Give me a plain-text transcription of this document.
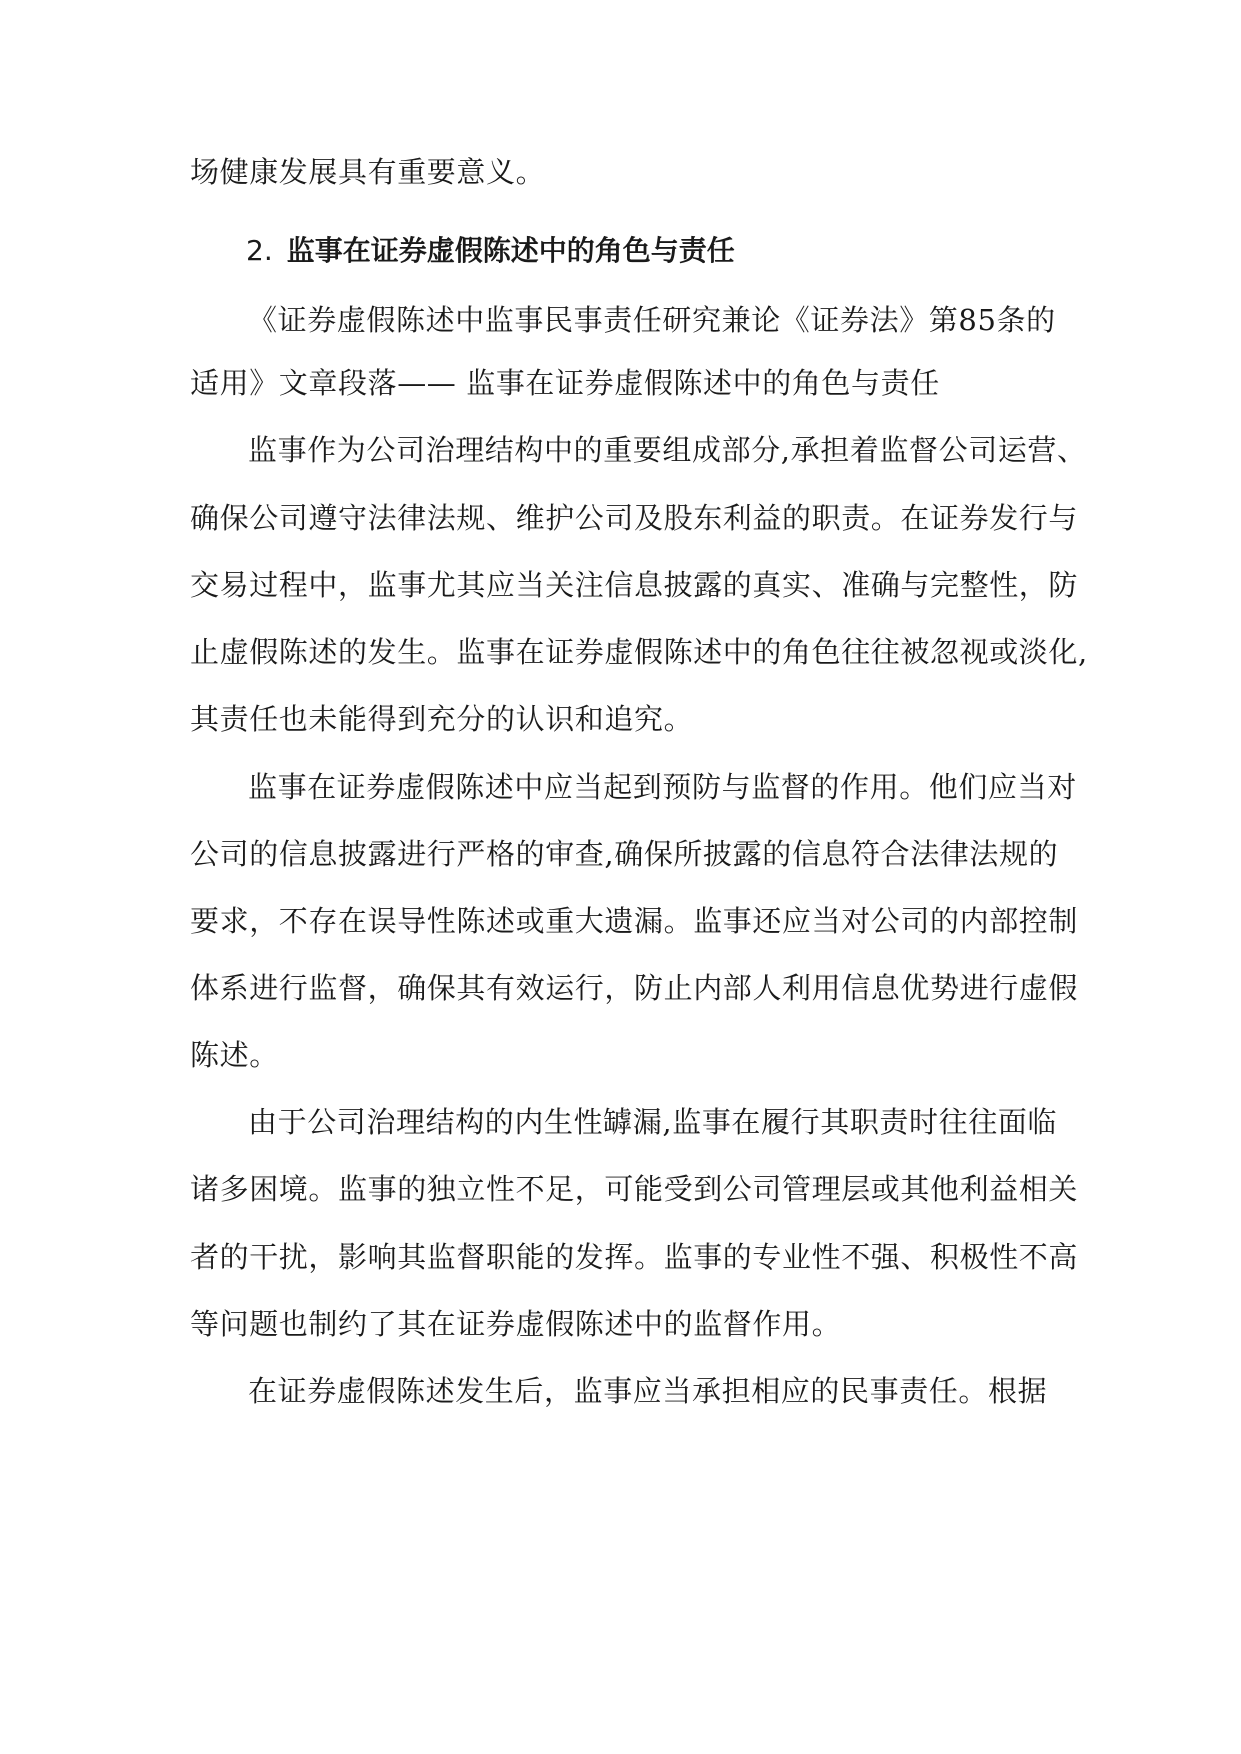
场健康发展具有重要意义。
2. 监事在证券虚假陈述中的角色与责任
《证券虚假陈述中监事民事责任研究兼论《证券法》第85条的
适用》文章段落—— 监事在证券虚假陈述中的角色与责任
监事作为公司治理结构中的重要组成部分,承担着监督公司运营、
确保公司遵守法律法规、维护公司及股东利益的职责。在证券发行与
交易过程中，监事尤其应当关注信息披露的真实、准确与完整性，防
止虚假陈述的发生。监事在证券虚假陈述中的角色往往被忽视或淡化,
其责任也未能得到充分的认识和追究。
监事在证券虚假陈述中应当起到预防与监督的作用。他们应当对
公司的信息披露进行严格的审查,确保所披露的信息符合法律法规的
要求，不存在误导性陈述或重大遗漏。监事还应当对公司的内部控制
体系进行监督，确保其有效运行，防止内部人利用信息优势进行虚假
陈述。
由于公司治理结构的内生性罅漏,监事在履行其职责时往往面临
诸多困境。监事的独立性不足，可能受到公司管理层或其他利益相关
者的干扰，影响其监督职能的发挥。监事的专业性不强、积极性不高
等问题也制约了其在证券虚假陈述中的监督作用。
在证券虚假陈述发生后，监事应当承担相应的民事责任。根据
